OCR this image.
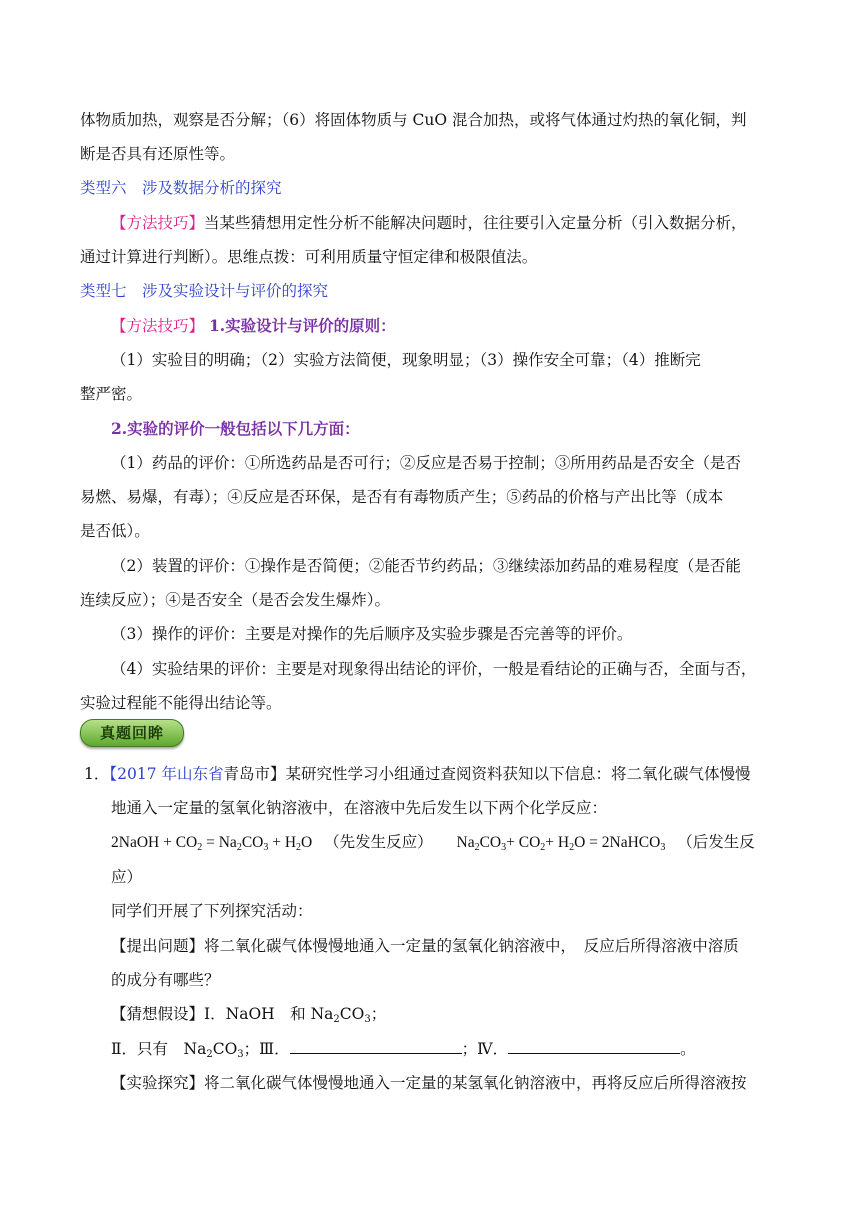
体物质加热，观察是否分解；（6）将固体物质与 CuO 混合加热，或将气体通过灼热的氧化铜，判
断是否具有还原性等。
类型六　涉及数据分析的探究
【方法技巧】当某些猜想用定性分析不能解决问题时，往往要引入定量分析（引入数据分析，
通过计算进行判断）。思维点拨：可利用质量守恒定律和极限值法。
类型七　涉及实验设计与评价的探究
【方法技巧】 1.实验设计与评价的原则：
（1）实验目的明确；（2）实验方法简便，现象明显；（3）操作安全可靠；（4）推断完
整严密。
2.实验的评价一般包括以下几方面：
（1）药品的评价：①所选药品是否可行；②反应是否易于控制；③所用药品是否安全（是否
易燃、易爆，有毒）；④反应是否环保，是否有有毒物质产生；⑤药品的价格与产出比等（成本
是否低）。
（2）装置的评价：①操作是否简便；②能否节约药品；③继续添加药品的难易程度（是否能
连续反应）；④是否安全（是否会发生爆炸）。
（3）操作的评价：主要是对操作的先后顺序及实验步骤是否完善等的评价。
（4）实验结果的评价：主要是对现象得出结论的评价，一般是看结论的正确与否，全面与否，
实验过程能不能得出结论等。
真题回眸
1．【2017 年山东省青岛市】某研究性学习小组通过查阅资料获知以下信息：将二氧化碳气体慢慢
地通入一定量的氢氧化钠溶液中，在溶液中先后发生以下两个化学反应：
2NaOH + $CO_2 = Na_2CO_3 + H_2O$ （先发生反应） $Na_2CO_3+ CO_2+ H_2O$ = 2NaHCO$_3$ （后发生反
应）
同学们开展了下列探究活动：
【提出问题】将二氧化碳气体慢慢地通入一定量的氢氧化钠溶液中，　反应后所得溶液中溶质
的成分有哪些？
【猜想假设】Ⅰ．NaOH　和 $Na_2CO_3$；
Ⅱ．只有　$Na_2CO_3$；Ⅲ．	；Ⅳ．	。
【实验探究】将二氧化碳气体慢慢地通入一定量的某氢氧化钠溶液中，再将反应后所得溶液按
